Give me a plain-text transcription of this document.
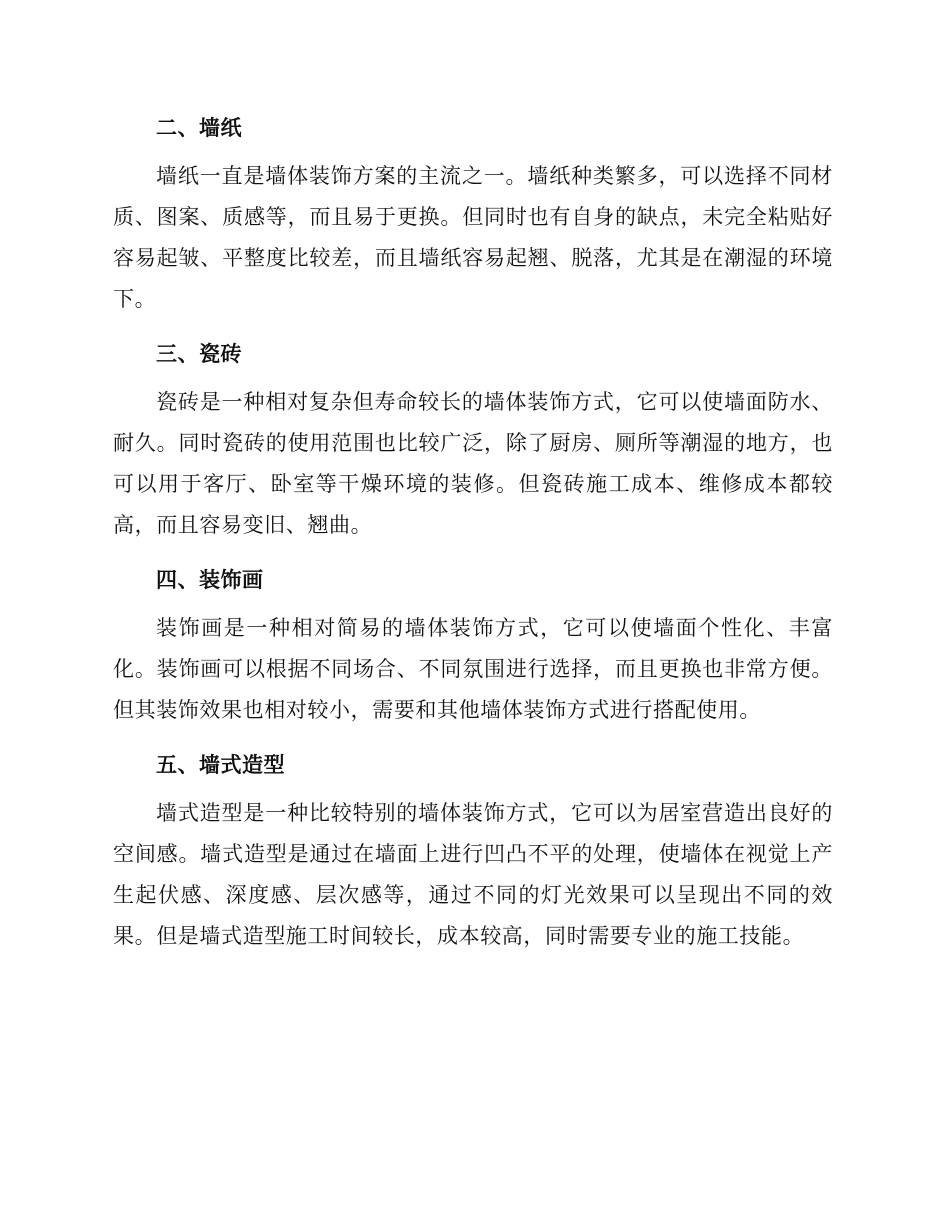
二、墙纸

墙纸一直是墙体装饰方案的主流之一。墙纸种类繁多，可以选择不同材质、图案、质感等，而且易于更换。但同时也有自身的缺点，未完全粘贴好容易起皱、平整度比较差，而且墙纸容易起翘、脱落，尤其是在潮湿的环境下。

三、瓷砖

瓷砖是一种相对复杂但寿命较长的墙体装饰方式，它可以使墙面防水、耐久。同时瓷砖的使用范围也比较广泛，除了厨房、厕所等潮湿的地方，也可以用于客厅、卧室等干燥环境的装修。但瓷砖施工成本、维修成本都较高，而且容易变旧、翘曲。

四、装饰画

装饰画是一种相对简易的墙体装饰方式，它可以使墙面个性化、丰富化。装饰画可以根据不同场合、不同氛围进行选择，而且更换也非常方便。但其装饰效果也相对较小，需要和其他墙体装饰方式进行搭配使用。

五、墙式造型

墙式造型是一种比较特别的墙体装饰方式，它可以为居室营造出良好的空间感。墙式造型是通过在墙面上进行凹凸不平的处理，使墙体在视觉上产生起伏感、深度感、层次感等，通过不同的灯光效果可以呈现出不同的效果。但是墙式造型施工时间较长，成本较高，同时需要专业的施工技能。
